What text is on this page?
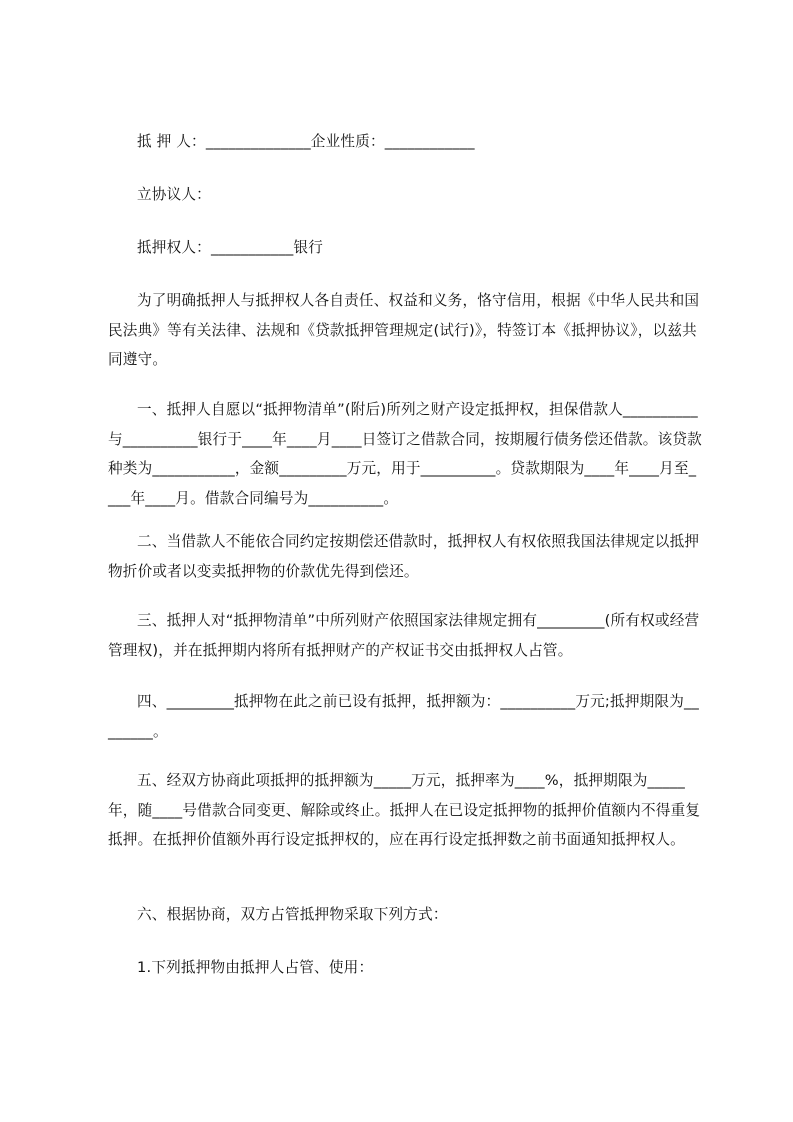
抵 押 人：______________企业性质：____________

立协议人：

抵押权人：___________银行

为了明确抵押人与抵押权人各自责任、权益和义务，恪守信用，根据《中华人民共和国民法典》等有关法律、法规和《贷款抵押管理规定(试行)》，特签订本《抵押协议》，以兹共同遵守。

一、抵押人自愿以“抵押物清单”(附后)所列之财产设定抵押权，担保借款人__________与__________银行于____年____月____日签订之借款合同，按期履行债务偿还借款。该贷款种类为___________，金额_________万元，用于__________。贷款期限为____年____月至____年____月。借款合同编号为__________。

二、当借款人不能依合同约定按期偿还借款时，抵押权人有权依照我国法律规定以抵押物折价或者以变卖抵押物的价款优先得到偿还。

三、抵押人对“抵押物清单”中所列财产依照国家法律规定拥有_________(所有权或经营管理权)，并在抵押期内将所有抵押财产的产权证书交由抵押权人占管。

四、_________抵押物在此之前已设有抵押，抵押额为：__________万元;抵押期限为________。

五、经双方协商此项抵押的抵押额为_____万元，抵押率为____%，抵押期限为_____年，随____号借款合同变更、解除或终止。抵押人在已设定抵押物的抵押价值额内不得重复抵押。在抵押价值额外再行设定抵押权的，应在再行设定抵押数之前书面通知抵押权人。

六、根据协商，双方占管抵押物采取下列方式：

1.下列抵押物由抵押人占管、使用：
